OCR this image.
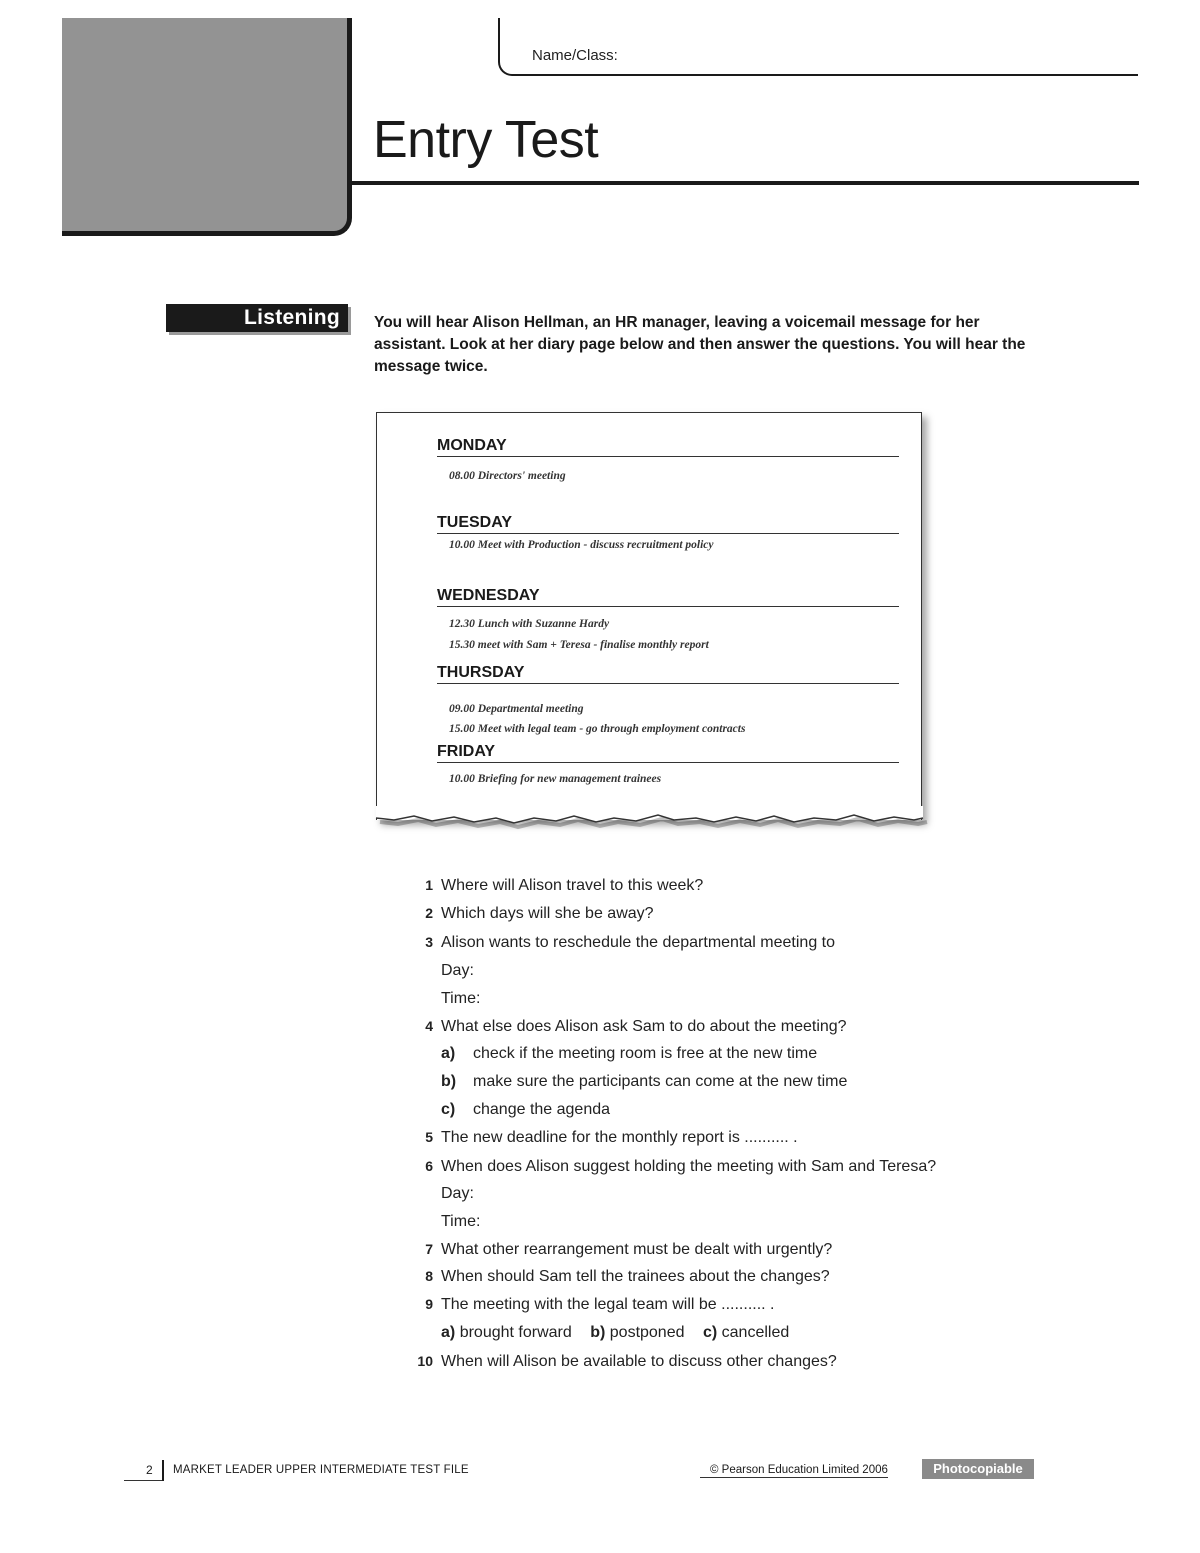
Name/Class:
Entry Test
Listening	You will hear Alison Hellman, an HR manager, leaving a voicemail message for her assistant. Look at her diary page below and then answer the questions. You will hear the message twice.
MONDAY
08.00 Directors' meeting
TUESDAY
10.00 Meet with Production - discuss recruitment policy
WEDNESDAY
12.30 Lunch with Suzanne Hardy
15.30 meet with Sam + Teresa - finalise monthly report
THURSDAY
09.00 Departmental meeting
15.00 Meet with legal team - go through employment contracts
FRIDAY
10.00 Briefing for new management trainees
1 Where will Alison travel to this week?
2 Which days will she be away?
3 Alison wants to reschedule the departmental meeting to
Day:
Time:
4 What else does Alison ask Sam to do about the meeting?
a) check if the meeting room is free at the new time
b) make sure the participants can come at the new time
c) change the agenda
5 The new deadline for the monthly report is .......... .
6 When does Alison suggest holding the meeting with Sam and Teresa?
Day:
Time:
7 What other rearrangement must be dealt with urgently?
8 When should Sam tell the trainees about the changes?
9 The meeting with the legal team will be .......... .
a) brought forward b) postponed c) cancelled
10 When will Alison be available to discuss other changes?
2 MARKET LEADER UPPER INTERMEDIATE TEST FILE	© Pearson Education Limited 2006	Photocopiable
